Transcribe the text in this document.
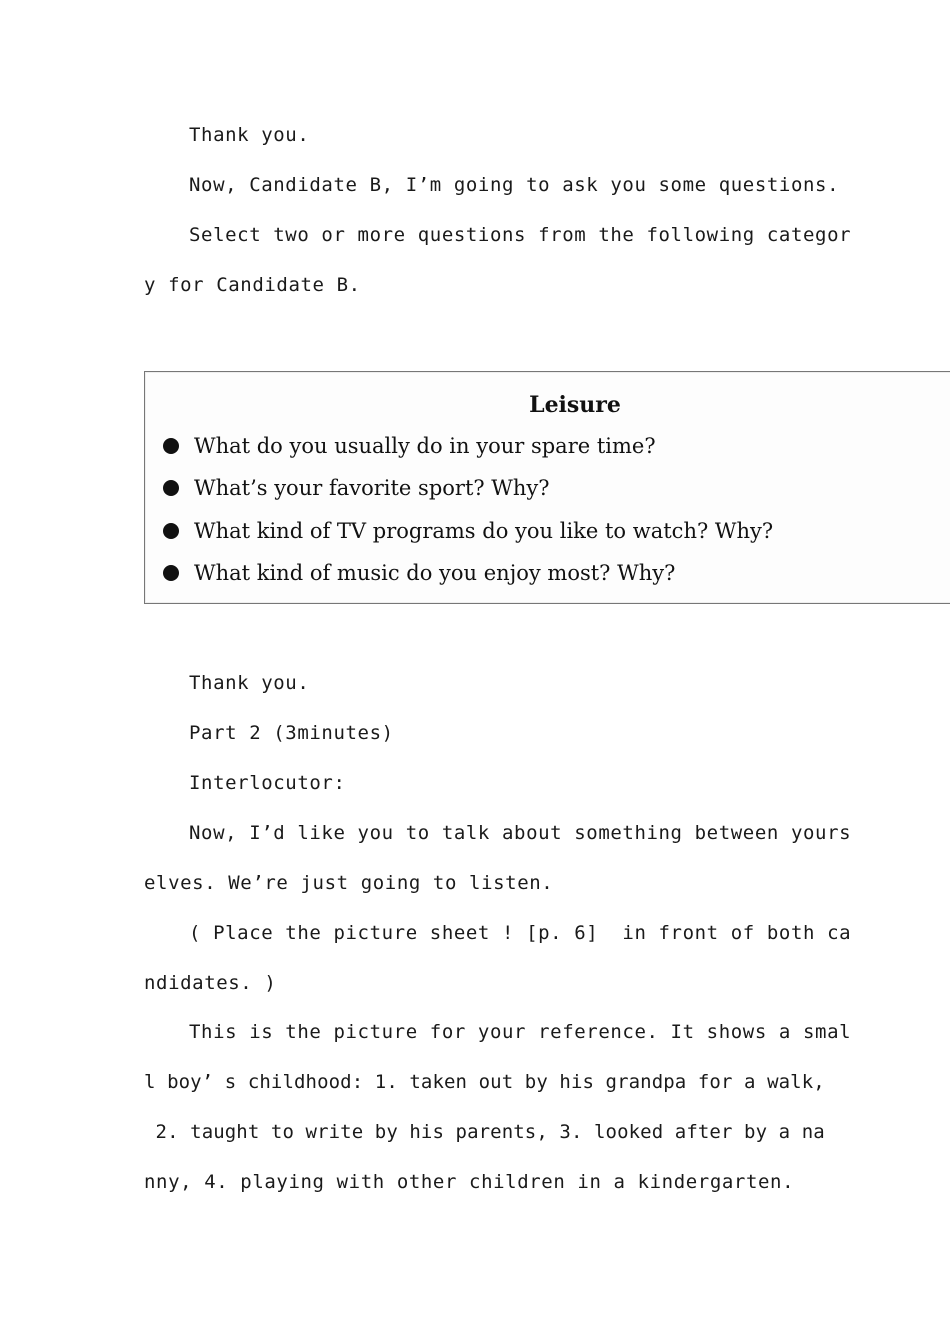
Thank you.
Now, Candidate B, I’m going to ask you some questions.
Select two or more questions from the following categor
y for Candidate B.
Leisure
What do you usually do in your spare time?
What’s your favorite sport? Why?
What kind of TV programs do you like to watch? Why?
What kind of music do you enjoy most? Why?
Thank you.
Part 2 (3minutes)
Interlocutor:
Now, I’d like you to talk about something between yours
elves. We’re just going to listen.
( Place the picture sheet ! [p. 6]  in front of both ca
ndidates. )
This is the picture for your reference. It shows a smal
l boy’ s childhood: 1. taken out by his grandpa for a walk,
2. taught to write by his parents, 3. looked after by a na
nny, 4. playing with other children in a kindergarten.
